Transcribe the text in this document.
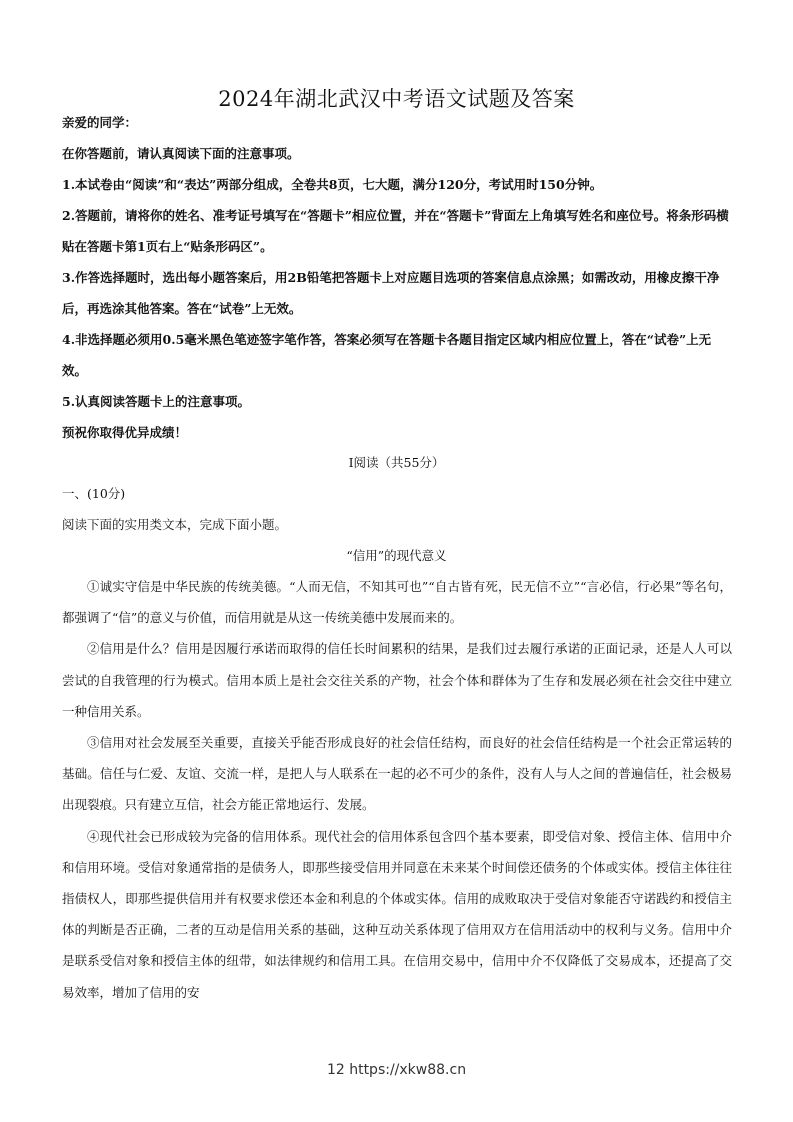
2024年湖北武汉中考语文试题及答案

亲爱的同学：

在你答题前，请认真阅读下面的注意事项。

1.本试卷由“阅读”和“表达”两部分组成，全卷共8页，七大题，满分120分，考试用时150分钟。

2.答题前，请将你的姓名、准考证号填写在“答题卡”相应位置，并在“答题卡”背面左上角填写姓名和座位号。将条形码横贴在答题卡第1页右上“贴条形码区”。

3.作答选择题时，选出每小题答案后，用2B铅笔把答题卡上对应题目选项的答案信息点涂黑；如需改动，用橡皮擦干净后，再选涂其他答案。答在“试卷”上无效。

4.非选择题必须用0.5毫米黑色笔迹签字笔作答，答案必须写在答题卡各题目指定区域内相应位置上，答在“试卷”上无效。

5.认真阅读答题卡上的注意事项。

预祝你取得优异成绩！

Ⅰ阅读（共55分）
一、(10分)
阅读下面的实用类文本，完成下面小题。
“信用”的现代意义

①诚实守信是中华民族的传统美德。“人而无信，不知其可也”“自古皆有死，民无信不立”“言必信，行必果”等名句，都强调了“信”的意义与价值，而信用就是从这一传统美德中发展而来的。

②信用是什么？信用是因履行承诺而取得的信任长时间累积的结果，是我们过去履行承诺的正面记录，还是人人可以尝试的自我管理的行为模式。信用本质上是社会交往关系的产物，社会个体和群体为了生存和发展必须在社会交往中建立一种信用关系。

③信用对社会发展至关重要，直接关乎能否形成良好的社会信任结构，而良好的社会信任结构是一个社会正常运转的基础。信任与仁爱、友谊、交流一样，是把人与人联系在一起的必不可少的条件，没有人与人之间的普遍信任，社会极易出现裂痕。只有建立互信，社会方能正常地运行、发展。

④现代社会已形成较为完备的信用体系。现代社会的信用体系包含四个基本要素，即受信对象、授信主体、信用中介和信用环境。受信对象通常指的是债务人，即那些接受信用并同意在未来某个时间偿还债务的个体或实体。授信主体往往指债权人，即那些提供信用并有权要求偿还本金和利息的个体或实体。信用的成败取决于受信对象能否守诺践约和授信主体的判断是否正确，二者的互动是信用关系的基础，这种互动关系体现了信用双方在信用活动中的权利与义务。信用中介是联系受信对象和授信主体的纽带，如法律规约和信用工具。在信用交易中，信用中介不仅降低了交易成本，还提高了交易效率，增加了信用的安

12 https://xkw88.cn
